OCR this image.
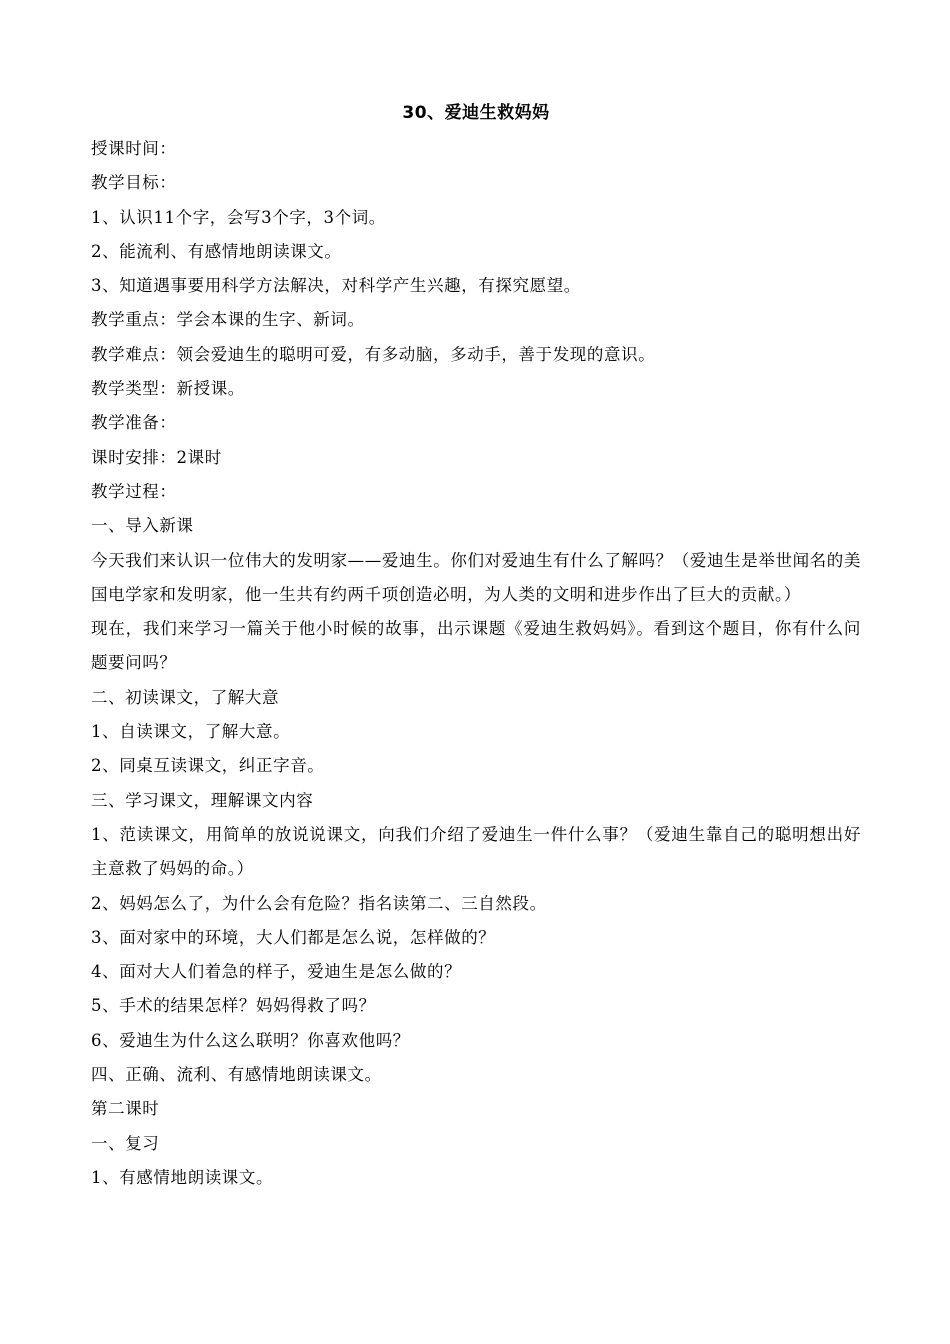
30、爱迪生救妈妈

授课时间：

教学目标：

1、认识11个字，会写3个字，3个词。

2、能流利、有感情地朗读课文。

3、知道遇事要用科学方法解决，对科学产生兴趣，有探究愿望。

教学重点：学会本课的生字、新词。

教学难点：领会爱迪生的聪明可爱，有多动脑，多动手，善于发现的意识。

教学类型：新授课。

教学准备：

课时安排：2课时

教学过程：

一、导入新课

今天我们来认识一位伟大的发明家——爱迪生。你们对爱迪生有什么了解吗？（爱迪生是举世闻名的美国电学家和发明家，他一生共有约两千项创造必明，为人类的文明和进步作出了巨大的贡献。）

现在，我们来学习一篇关于他小时候的故事，出示课题《爱迪生救妈妈》。看到这个题目，你有什么问题要问吗？

二、初读课文，了解大意

1、自读课文，了解大意。

2、同桌互读课文，纠正字音。

三、学习课文，理解课文内容

1、范读课文，用简单的放说说课文，向我们介绍了爱迪生一件什么事？（爱迪生靠自己的聪明想出好主意救了妈妈的命。）

2、妈妈怎么了，为什么会有危险？指名读第二、三自然段。

3、面对家中的环境，大人们都是怎么说，怎样做的？

4、面对大人们着急的样子，爱迪生是怎么做的？

5、手术的结果怎样？妈妈得救了吗？

6、爱迪生为什么这么联明？你喜欢他吗？

四、正确、流利、有感情地朗读课文。

第二课时

一、复习

1、有感情地朗读课文。
